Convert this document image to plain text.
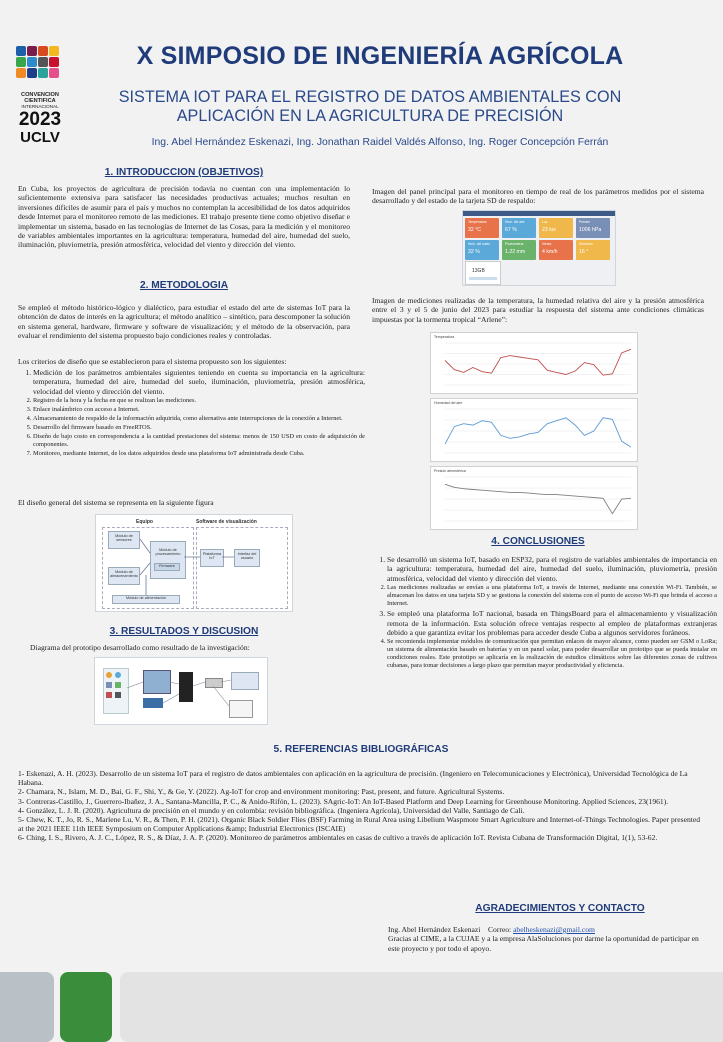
CONVENCION
CIENTIFICA
INTERNACIONAL
2023
UCLV
X SIMPOSIO DE INGENIERÍA AGRÍCOLA
SISTEMA IOT PARA EL REGISTRO DE DATOS AMBIENTALES CON
APLICACIÓN EN LA AGRICULTURA DE PRECISIÓN
Ing. Abel Hernández Eskenazi, Ing. Jonathan Raidel Valdés Alfonso, Ing. Roger Concepción Ferrán
1. INTRODUCCION (OBJETIVOS)
En Cuba, los proyectos de agricultura de precisión todavía no cuentan con una implementación lo suficientemente extensiva para satisfacer las necesidades productivas actuales; muchos resultan en inversiones difíciles de asumir para el país y muchos no contemplan la accesibilidad de los datos adquiridos desde Internet para el monitoreo remoto de las mediciones. El trabajo presente tiene como objetivo diseñar e implementar un sistema, basado en las tecnologías de Internet de las Cosas, para la medición y el monitoreo de variables ambientales importantes en la agricultura: temperatura, humedad del aire, humedad del suelo, iluminación, pluviometría, presión atmosférica, velocidad del viento y dirección del viento.
2. METODOLOGIA
Se empleó el método histórico-lógico y dialéctico, para estudiar el estado del arte de sistemas IoT para la obtención de datos de interés en la agricultura; el método analítico – sintético, para descomponer la solución en sistema general, hardware, firmware y software de visualización; y el método de la observación, para evaluar el rendimiento del sistema propuesto bajo condiciones reales y controladas.
Los criterios de diseño que se establecieron para el sistema propuesto son los siguientes:
1. Medición de los parámetros ambientales siguientes teniendo en cuenta su importancia en la agricultura: temperatura, humedad del aire, humedad del suelo, iluminación, pluviometría, presión atmosférica, velocidad del viento y dirección del viento.
2. Registro de la hora y la fecha en que se realizan las mediciones.
3. Enlace inalámbrico con acceso a Internet.
4. Almacenamiento de respaldo de la información adquirida, como alternativa ante interrupciones de la conexión a Internet.
5. Desarrollo del firmware basado en FreeRTOS.
6. Diseño de bajo costo en correspondencia a la cantidad prestaciones del sistema: menos de 150 USD en costo de adquisición de componentes.
7. Monitoreo, mediante Internet, de los datos adquiridos desde una plataforma IoT administrada desde Cuba.
El diseño general del sistema se representa en la siguiente figura
Equipo	Software de visualización
Módulo de sensores
Módulo de procesamiento
Firmware
Módulo de almacenamiento
Módulo de alimentación
Plataforma IoT
Interfaz del usuario
3. RESULTADOS Y DISCUSION
Diagrama del prototipo desarrollado como resultado de la investigación:
Imagen del panel principal para el monitoreo en tiempo de real de los parámetros medidos por el sistema desarrollado y del estado de la tarjeta SD de respaldo:
Temperatura
32 °C
Hum. del aire
67 %
Luz
23 lux
Presión
1006 hPa
Hum. del suelo
32 %
Pluviometría
1.22 mm
Viento
4 km/h
Dirección
16 °
13GB
Imagen de mediciones realizadas de la temperatura, la humedad relativa del aire y la presión atmosférica entre el 3 y el 5 de junio del 2023 para estudiar la respuesta del sistema ante condiciones climáticas impuestas por la tormenta tropical “Arlene”:
Temperatura
Humedad del aire
Presión atmosférica
4. CONCLUSIONES
1. Se desarrolló un sistema IoT, basado en ESP32, para el registro de variables ambientales de importancia en la agricultura: temperatura, humedad del aire, humedad del suelo, iluminación, pluviometría, presión atmosférica, velocidad del viento y dirección del viento.
2. Las mediciones realizadas se envían a una plataforma IoT, a través de Internet, mediante una conexión Wi-Fi. También, se almacenan los datos en una tarjeta SD y se gestiona la conexión del sistema con el punto de acceso Wi-Fi que brinda el acceso a Internet.
3. Se empleó una plataforma IoT nacional, basada en ThingsBoard para el almacenamiento y visualización remota de la información. Esta solución ofrece ventajas respecto al empleo de plataformas extranjeras debido a que garantiza evitar los problemas para acceder desde Cuba a algunos servidores foráneos.
4. Se recomienda implementar módulos de comunicación que permitan enlaces de mayor alcance, como pueden ser GSM o LoRa; un sistema de alimentación basado en baterías y en un panel solar, para poder desarrollar un prototipo que se pueda instalar en condiciones reales. Este prototipo se aplicaría en la realización de estudios climáticos sobre las diferentes zonas de cultivos cubanas, para tomar decisiones a largo plazo que permitan mayor productividad y eficiencia.
5. REFERENCIAS BIBLIOGRÁFICAS
1- Eskenazi, A. H. (2023). Desarrollo de un sistema IoT para el registro de datos ambientales con aplicación en la agricultura de precisión. (Ingeniero en Telecomunicaciones y Electrónica), Universidad Tecnológica de La Habana.
2- Chamara, N., Islam, M. D., Bai, G. F., Shi, Y., & Ge, Y. (2022). Ag-IoT for crop and environment monitoring: Past, present, and future. Agricultural Systems.
3- Contreras-Castillo, J., Guerrero-Ibañez, J. A., Santana-Mancilla, P. C., & Anido-Rifón, L. (2023). SAgric-IoT: An IoT-Based Platform and Deep Learning for Greenhouse Monitoring. Applied Sciences, 23(1961).
4- González, L. J. R. (2020). Agricultura de precisión en el mundo y en colombia: revisión bibliográfica. (Ingeniera Agrícola), Universidad del Valle, Santiago de Cali.
5- Chew, K. T., Jo, R. S., Marlene Lu, V. R., & Then, P. H. (2021). Organic Black Soldier Flies (BSF) Farming in Rural Area using Libelium Waspmote Smart Agriculture and Internet-of-Things Technologies. Paper presented at the 2021 IEEE 11th IEEE Symposium on Computer Applications &amp; Industrial Electronics (ISCAIE)
6- Ching, I. S., Rivero, A. J. C., López, R. S., & Díaz, J. A. P. (2020). Monitoreo de parámetros ambientales en casas de cultivo a través de aplicación IoT. Revista Cubana de Transformación Digital, 1(1), 53-62.
AGRADECIMIENTOS Y CONTACTO
Ing. Abel Hernández Eskenazi Correo: abelheskenazi@gmail.com
Gracias al CIME, a la CUJAE y a la empresa AlaSoluciones por darme la oportunidad de participar en este proyecto y por todo el apoyo.
